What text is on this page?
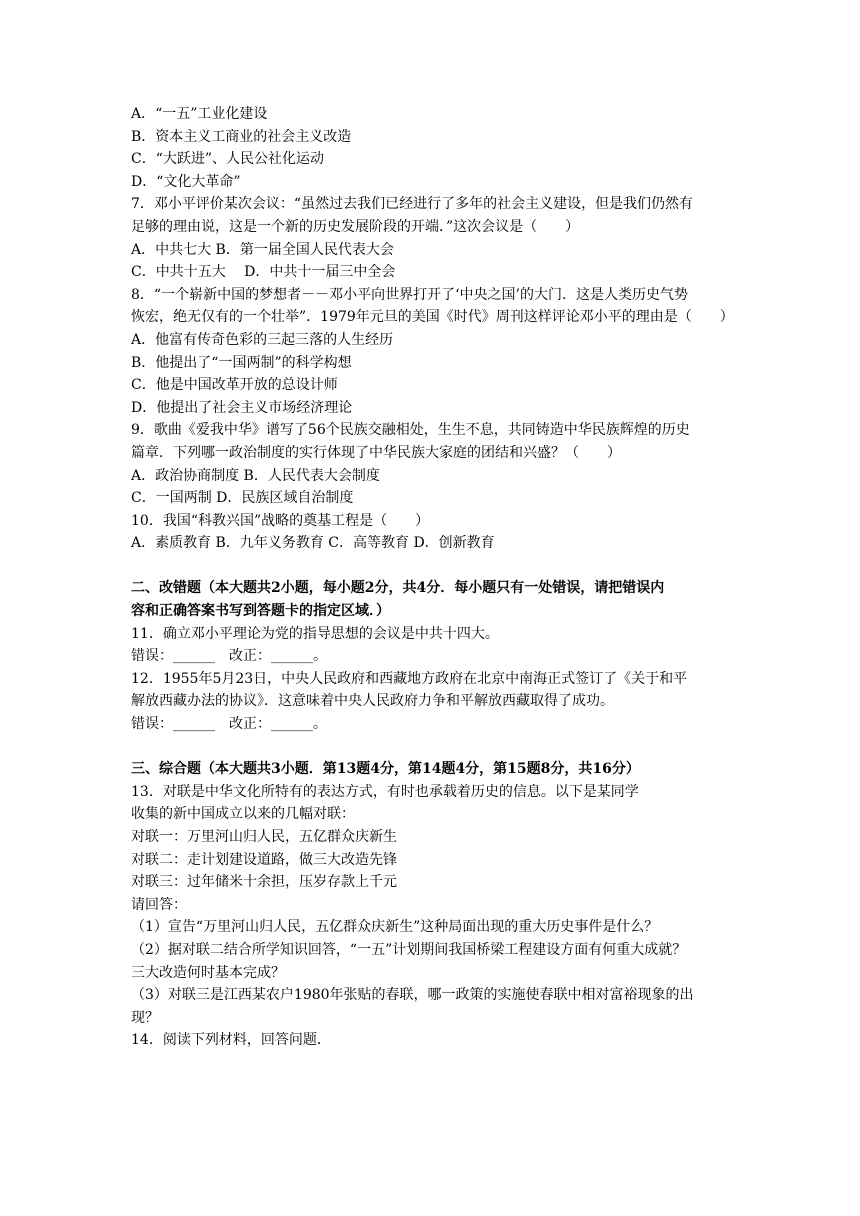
A．“一五”工业化建设
B．资本主义工商业的社会主义改造
C．“大跃进”、人民公社化运动
D．“文化大革命”
7．邓小平评价某次会议：“虽然过去我们已经进行了多年的社会主义建设，但是我们仍然有
足够的理由说，这是一个新的历史发展阶段的开端．”这次会议是（　　）
A．中共七大 B．第一届全国人民代表大会
C．中共十五大　 D．中共十一届三中全会
8．“一个崭新中国的梦想者－－邓小平向世界打开了‘中央之国’的大门．这是人类历史气势
恢宏，绝无仅有的一个壮举”．1979年元旦的美国《时代》周刊这样评论邓小平的理由是（　　）
A．他富有传奇色彩的三起三落的人生经历
B．他提出了“一国两制”的科学构想
C．他是中国改革开放的总设计师
D．他提出了社会主义市场经济理论
9．歌曲《爱我中华》谱写了56个民族交融相处，生生不息，共同铸造中华民族辉煌的历史
篇章．下列哪一政治制度的实行体现了中华民族大家庭的团结和兴盛？（　　）
A．政治协商制度 B．人民代表大会制度
C．一国两制 D．民族区域自治制度
10．我国“科教兴国”战略的奠基工程是（　　）
A．素质教育 B．九年义务教育 C．高等教育 D．创新教育
二、改错题（本大题共2小题，每小题2分，共4分．每小题只有一处错误，请把错误内
容和正确答案书写到答题卡的指定区域．）
11．确立邓小平理论为党的指导思想的会议是中共十四大。
错误：______　改正：______。
12．1955年5月23日，中央人民政府和西藏地方政府在北京中南海正式签订了《关于和平
解放西藏办法的协议》．这意味着中央人民政府力争和平解放西藏取得了成功。
错误：______　改正：______。
三、综合题（本大题共3小题．第13题4分，第14题4分，第15题8分，共16分）
13．对联是中华文化所特有的表达方式，有时也承载着历史的信息。以下是某同学
收集的新中国成立以来的几幅对联：
对联一：万里河山归人民，五亿群众庆新生
对联二：走计划建设道路，做三大改造先锋
对联三：过年储米十余担，压岁存款上千元
请回答：
（1）宣告“万里河山归人民，五亿群众庆新生”这种局面出现的重大历史事件是什么？
（2）据对联二结合所学知识回答，“一五”计划期间我国桥梁工程建设方面有何重大成就？
三大改造何时基本完成？
（3）对联三是江西某农户1980年张贴的春联，哪一政策的实施使春联中相对富裕现象的出
现？
14．阅读下列材料，回答问题．
